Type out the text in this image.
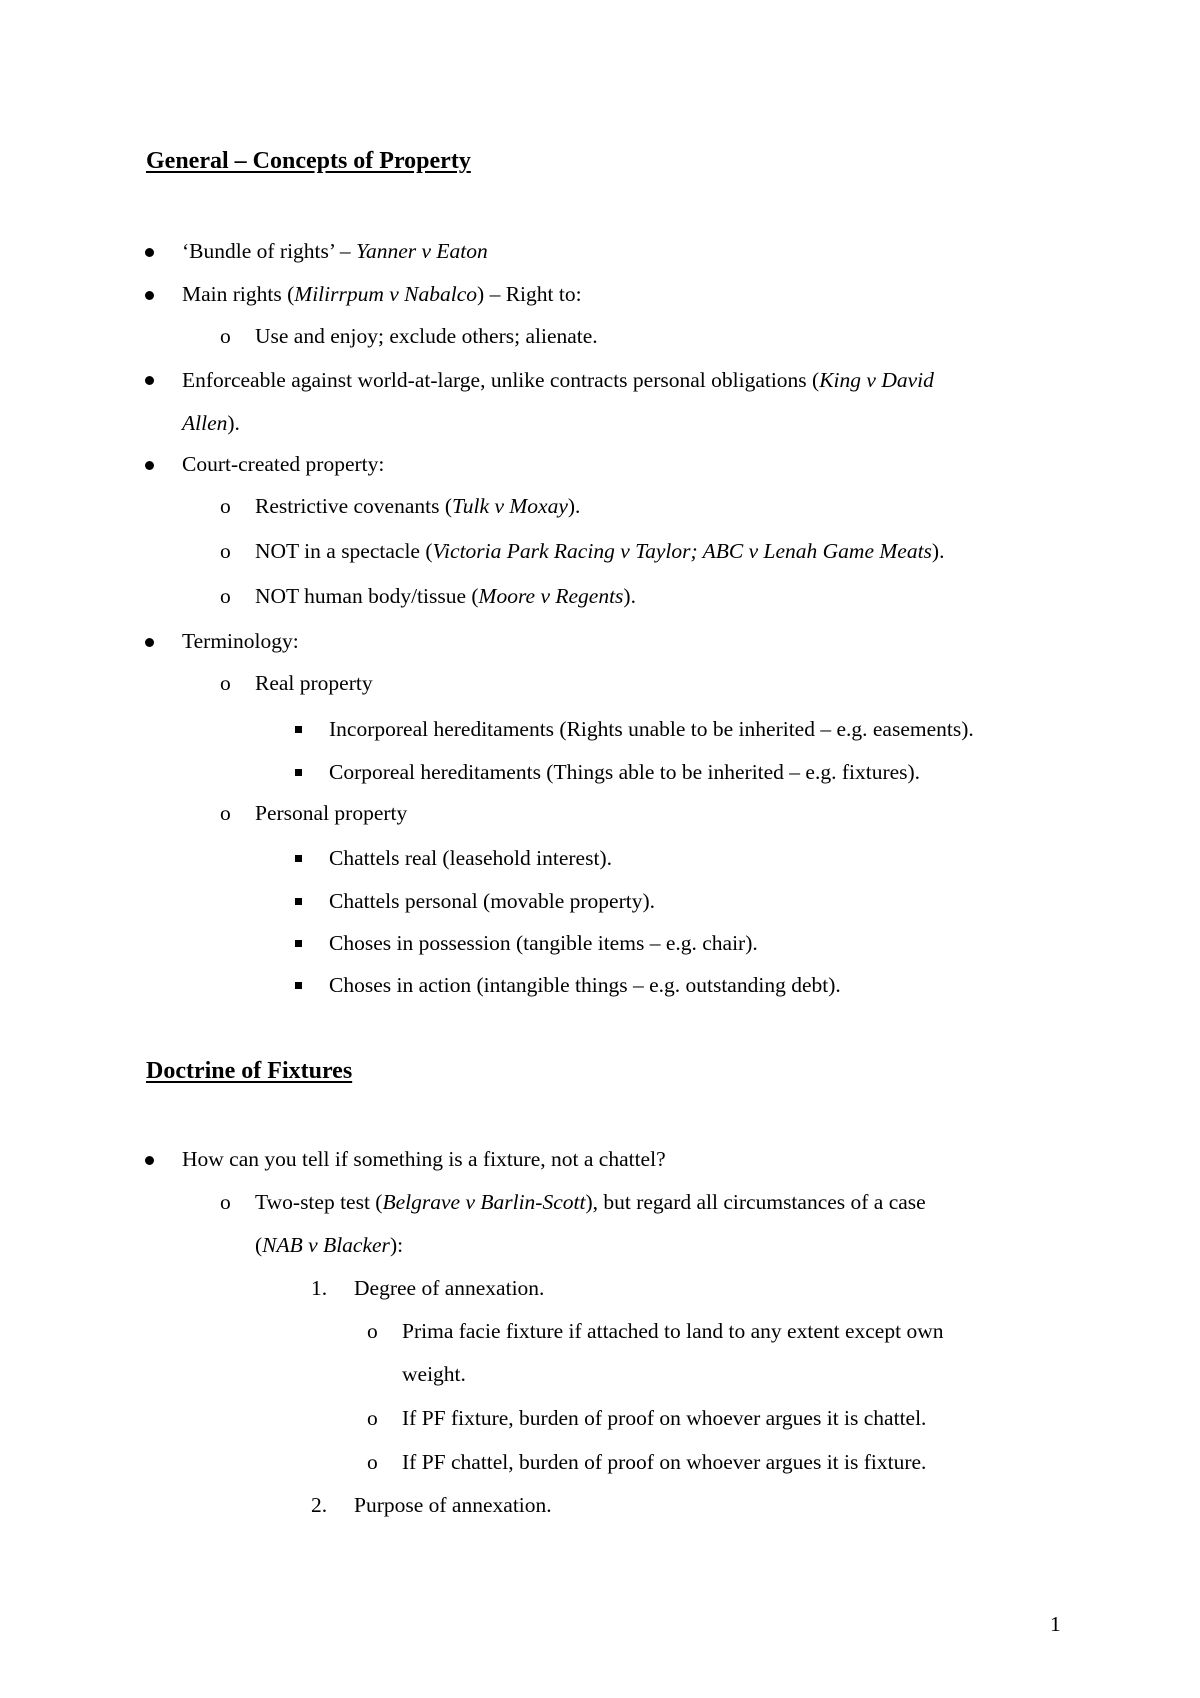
General – Concepts of Property
‘Bundle of rights’ – Yanner v Eaton
Main rights (Milirrpum v Nabalco) – Right to:
o Use and enjoy; exclude others; alienate.
Enforceable against world-at-large, unlike contracts personal obligations (King v David
Allen).
Court-created property:
o Restrictive covenants (Tulk v Moxay).
o NOT in a spectacle (Victoria Park Racing v Taylor; ABC v Lenah Game Meats).
o NOT human body/tissue (Moore v Regents).
Terminology:
o Real property
Incorporeal hereditaments (Rights unable to be inherited – e.g. easements).
Corporeal hereditaments (Things able to be inherited – e.g. fixtures).
o Personal property
Chattels real (leasehold interest).
Chattels personal (movable property).
Choses in possession (tangible items – e.g. chair).
Choses in action (intangible things – e.g. outstanding debt).
Doctrine of Fixtures
How can you tell if something is a fixture, not a chattel?
o Two-step test (Belgrave v Barlin-Scott), but regard all circumstances of a case
(NAB v Blacker):
1. Degree of annexation.
o Prima facie fixture if attached to land to any extent except own
weight.
o If PF fixture, burden of proof on whoever argues it is chattel.
o If PF chattel, burden of proof on whoever argues it is fixture.
2. Purpose of annexation.
1
